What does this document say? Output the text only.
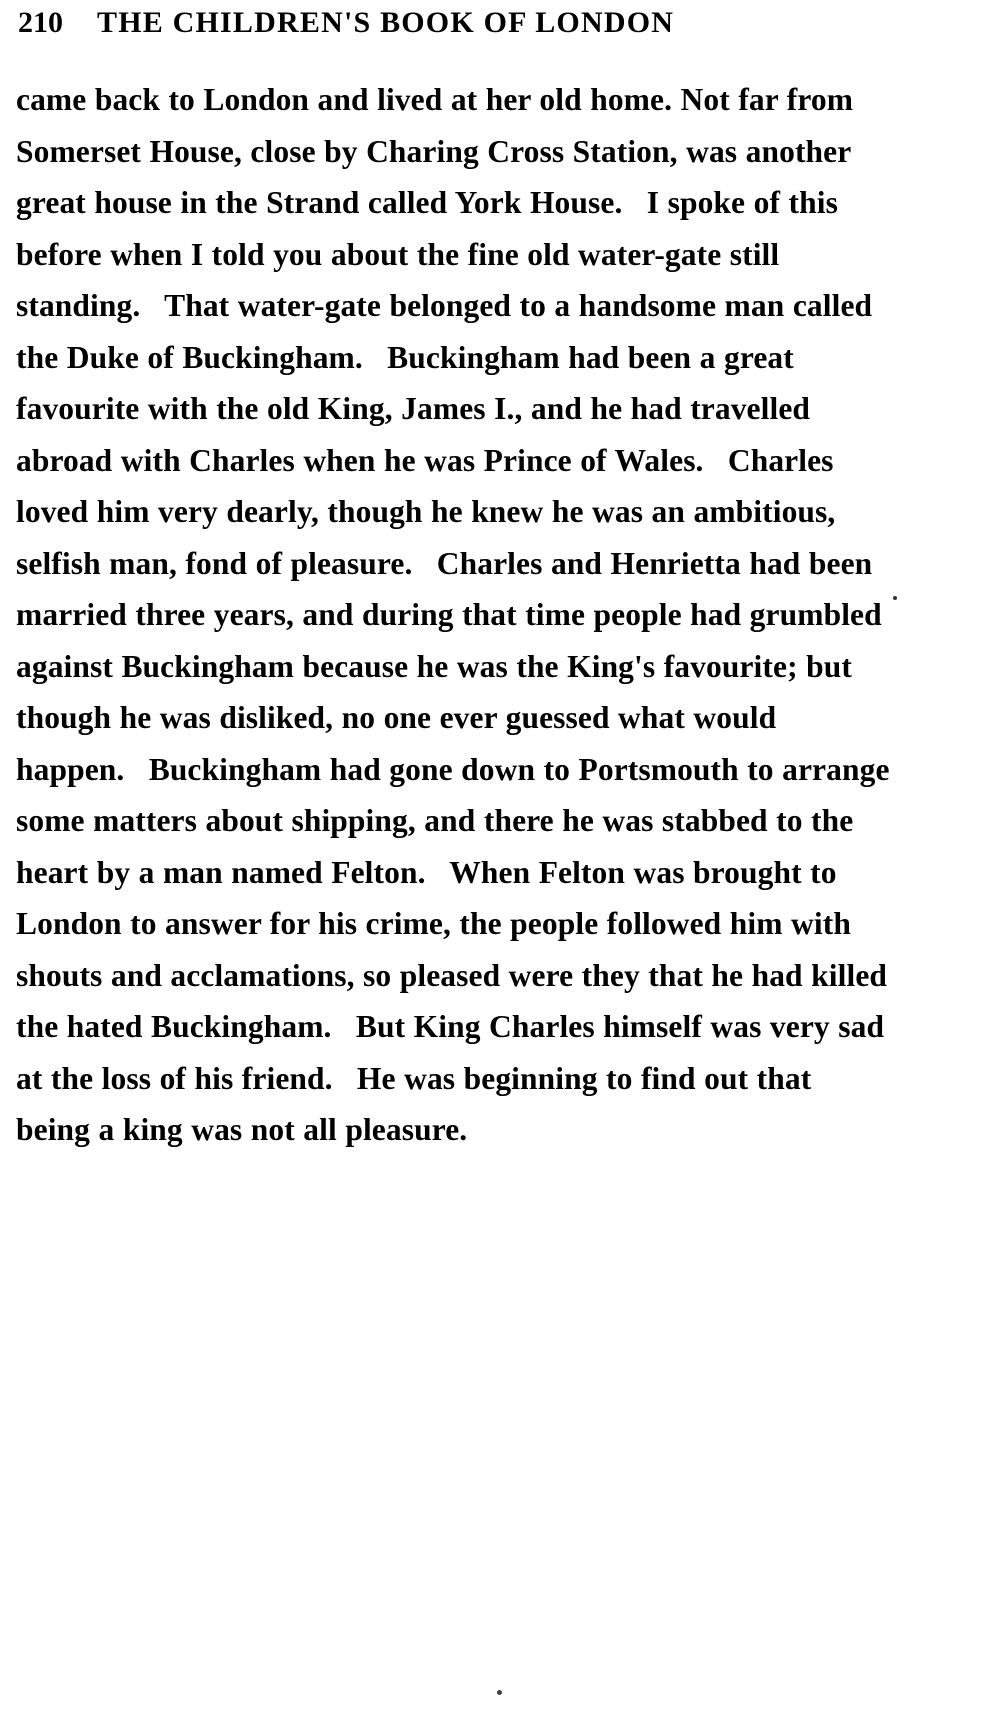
210 THE CHILDREN'S BOOK OF LONDON

came back to London and lived at her old home. Not far from Somerset House, close by Charing Cross Station, was another great house in the Strand called York House.  I spoke of this before when I told you about the fine old water-gate still standing.  That water-gate belonged to a handsome man called the Duke of Buckingham.  Buckingham had been a great favourite with the old King, James I., and he had travelled abroad with Charles when he was Prince of Wales.  Charles loved him very dearly, though he knew he was an ambitious, selfish man, fond of pleasure.  Charles and Henrietta had been married three years, and during that time people had grumbled against Buckingham because he was the King's favourite; but though he was disliked, no one ever guessed what would happen.  Buckingham had gone down to Portsmouth to arrange some matters about shipping, and there he was stabbed to the heart by a man named Felton.  When Felton was brought to London to answer for his crime, the people followed him with shouts and acclamations, so pleased were they that he had killed the hated Buckingham.  But King Charles himself was very sad at the loss of his friend.  He was beginning to find out that being a king was not all pleasure.
